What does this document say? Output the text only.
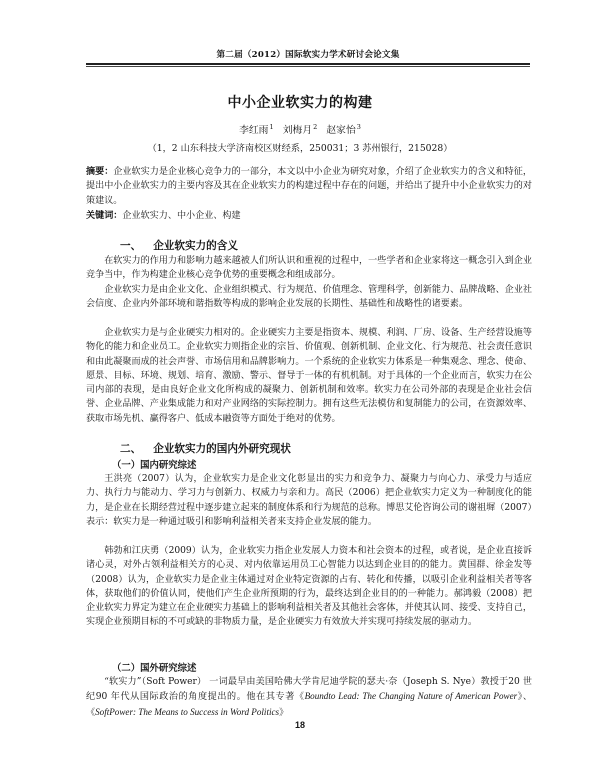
第二届（2012）国际软实力学术研讨会论文集
中小企业软实力的构建
李红雨$^1$ 刘梅月$^2$ 赵家怡$^3$
（1，2 山东科技大学济南校区财经系，250031；3 苏州银行，215028）
摘要：企业软实力是企业核心竞争力的一部分，本文以中小企业为研究对象，介绍了企业软实力的含义和特征，提出中小企业软实力的主要内容及其在企业软实力的构建过程中存在的问题，并给出了提升中小企业软实力的对策建议。
关键词：企业软实力、中小企业、构建
一、 企业软实力的含义
在软实力的作用力和影响力越来越被人们所认识和重视的过程中，一些学者和企业家将这一概念引入到企业竞争当中，作为构建企业核心竞争优势的重要概念和组成部分。
企业软实力是由企业文化、企业组织模式、行为规范、价值理念、管理科学，创新能力、品牌战略、企业社会信度、企业内外部环境和谐指数等构成的影响企业发展的长期性、基础性和战略性的诸要素。
企业软实力是与企业硬实力相对的。企业硬实力主要是指资本、规模、利润、厂房、设备、生产经营设施等物化的能力和企业员工。企业软实力则指企业的宗旨、价值观、创新机制、企业文化、行为规范、社会责任意识和由此凝聚而成的社会声誉、市场信用和品牌影响力。一个系统的企业软实力体系是一种集观念、理念、使命、愿景、目标、环境、规划、培育、激励、警示、督导于一体的有机机制。对于具体的一个企业而言，软实力在公司内部的表现，是由良好企业文化所构成的凝聚力、创新机制和效率。软实力在公司外部的表现是企业社会信誉、企业品牌、产业集成能力和对产业网络的实际控制力。拥有这些无法模仿和复制能力的公司，在资源效率、获取市场先机、赢得客户、低成本融资等方面处于绝对的优势。
二、 企业软实力的国内外研究现状
（一）国内研究综述
王洪亮（2007）认为，企业软实力是企业文化彰显出的实力和竞争力、凝聚力与向心力、承受力与适应力、执行力与能动力、学习力与创新力、权威力与亲和力。高民（2006）把企业软实力定义为一种制度化的能力，是企业在长期经营过程中逐步建立起来的制度体系和行为规范的总称。博思艾伦咨询公司的谢祖墀（2007）表示：软实力是一种通过吸引和影响利益相关者来支持企业发展的能力。
韩勃和江庆勇（2009）认为，企业软实力指企业发展人力资本和社会资本的过程，或者说，是企业直接诉诸心灵，对外占领利益相关方的心灵、对内依靠运用员工心智能力以达到企业目的的能力。黄国群、徐金发等（2008）认为，企业软实力是企业主体通过对企业特定资源的占有、转化和传播，以吸引企业利益相关者等客体，获取他们的价值认同，使他们产生企业所预期的行为，最终达到企业目的的一种能力。郝鸿毅（2008）把企业软实力界定为建立在企业硬实力基础上的影响利益相关者及其他社会客体，并使其认同、接受、支持自己，实现企业预期目标的不可或缺的非物质力量，是企业硬实力有效放大并实现可持续发展的驱动力。
（二）国外研究综述
“软实力”（Soft Power） 一词最早由美国哈佛大学肯尼迪学院的瑟夫·奈（Joseph S. Nye）教授于20 世纪90 年代从国际政治的角度提出的。他在其专著《Boundto Lead: The Changing Nature of American Power》、《SoftPower: The Means to Success in Word Politics》
18
